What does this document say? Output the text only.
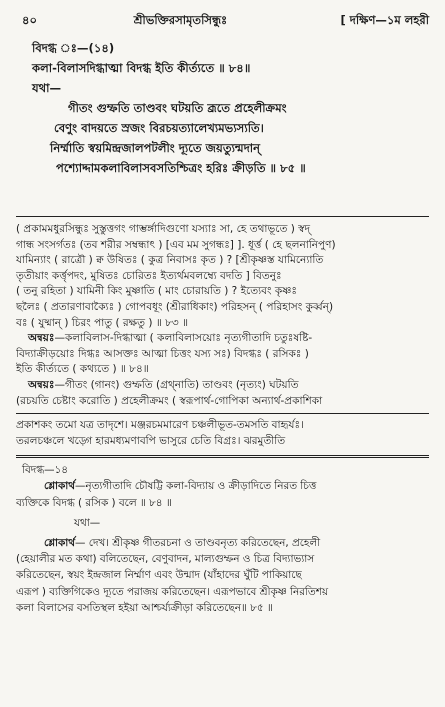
৪০	শ্রীভক্তিরসামৃতসিন্ধুঃ	[ দক্ষিণ—১ম লহরী
বিদগ্ধ ঃ—(১৪)
কলা-বিলাসদিগ্ধাত্মা বিদগ্ধ ইতি কীর্ত্যতে ॥ ৮৪॥
যথা—
গীতং গুম্ফতি তাণ্ডবং ঘটয়তি ব্রূতে প্রহেলীক্রমং
বেণুং বাদয়তে স্রজং বিরচয়ত্যালেখ্যমভ্যস্যতি।
নির্ম্মাতি স্বয়মিন্দ্রজালপটলীং দ্যূতে জয়ত্যুন্মদান্
পশ্যোদ্দামকলাবিলাসবসতিশ্চিত্রং হরিঃ ক্রীড়তি ॥ ৮৫ ॥
( প্রকামমধুরসিন্ধুঃ সুস্তুত্তগং গাম্ভর্ঙ্গাদিগুণো যস্যাঃ সা, হে তথাভূতে ) স্বদ্
গান্ধ সংসর্গতঃ (তব শরীর সম্বন্ধাৎ ) [এব মম সুগন্ধঃ] ]. ধূর্ত্ত ( হে ছলনানিপুণ)
যামিন্যাং ( রাত্রৌ ) ক্ব উষিতঃ ( কুত্র নিবাসঃ কৃত ) ? [শ্রীকৃষ্ণস্ত যামিন্যোতি
তৃতীয়াং কর্ত্তৃপদং, মুষিতঃ চোরিতঃ ইত্যর্থমবলম্ব্যে বদতি ] বিতনুঃ
( তনু রহিতা ) যামিনী কিং মুষ্ণাতি ( মাং চোরায়তি ) ? ইত্যেবং কৃষ্ণঃ
ছলৈঃ ( প্রতারণাবাক্যৈঃ ) গোপবধূং (শ্রীরাধিকাং) পরিহসন্ ( পরিহাসং কুর্ব্বন্)
বঃ ( যুষ্মান্ ) চিরং পাতু ( রক্ষতু ) ॥ ৮৩ ॥
অন্বয়ঃ—কলাবিলাস-দিগ্ধাত্মা ( কলাবিলাসয়োঃ নৃত্যগীতাদি চতুঃষষ্টি-
বিদ্যাক্রীড়য়োঃ দিগ্ধঃ আসক্তঃ আত্মা চিত্তং যস্য সঃ) বিদগ্ধঃ ( রসিকঃ )
ইতি কীর্ত্যতে ( কথ্যতে ) ॥ ৮৪॥
অন্বয়ঃ—গীতং (গানং) গুম্ফতি (গ্রথ্নাতি) তাণ্ডবং (নৃত্যং) ঘটয়তি
(রচয়তি চেষ্টাং করোতি ) প্রহেলীক্রমং ( স্বরূপার্থ-গোপিকা অন্যার্থ-প্রকাশিকা
প্রকাশকং তমো যত্র তাদৃশে। মঞ্জরচমমারেণ চঞ্চলীভূত-তমসতি বাহৃর্যঃ।
তরলচঞ্চলে খড়্গে হারমধ্যমণাবপি ভাসুরে চেতি বিগ্রঃ। ঝরমুতীতি
বিদগ্ধ—১৪
শ্লোকার্থ—নৃত্যগীতাদি চৌষট্টি কলা-বিদ্যায় ও ক্রীড়াদিতে নিরত চিত্ত
ব্যক্তিকে বিদগ্ধ ( রসিক ) বলে ॥ ৮৪ ॥
যথা—
শ্লোকার্থ— দেখ। শ্রীকৃষ্ণ গীতরচনা ও তাণ্ডবনৃত্য করিতেছেন, প্রহেলী
(হেয়ালীর মত কথা) বলিতেছেন, বেণুবাদন, মাল্যগুম্ফন ও চিত্র বিদ্যাভ্যাস
করিতেছেন, স্বয়ং ইন্দ্রজাল নির্ম্মাণ এবং উন্মাদ (যাঁহাদের ঘুঁটি পাকিয়াছে
এরূপ ) ব্যক্তিগিকেও দ্যূতে পরাজয় করিতেছেন। এরূপভাবে শ্রীকৃষ্ণ নিরতিশয়
কলা বিলাসের বসতিস্থল হইয়া আশ্চর্য্যক্রীড়া করিতেছেন॥ ৮৫ ॥
